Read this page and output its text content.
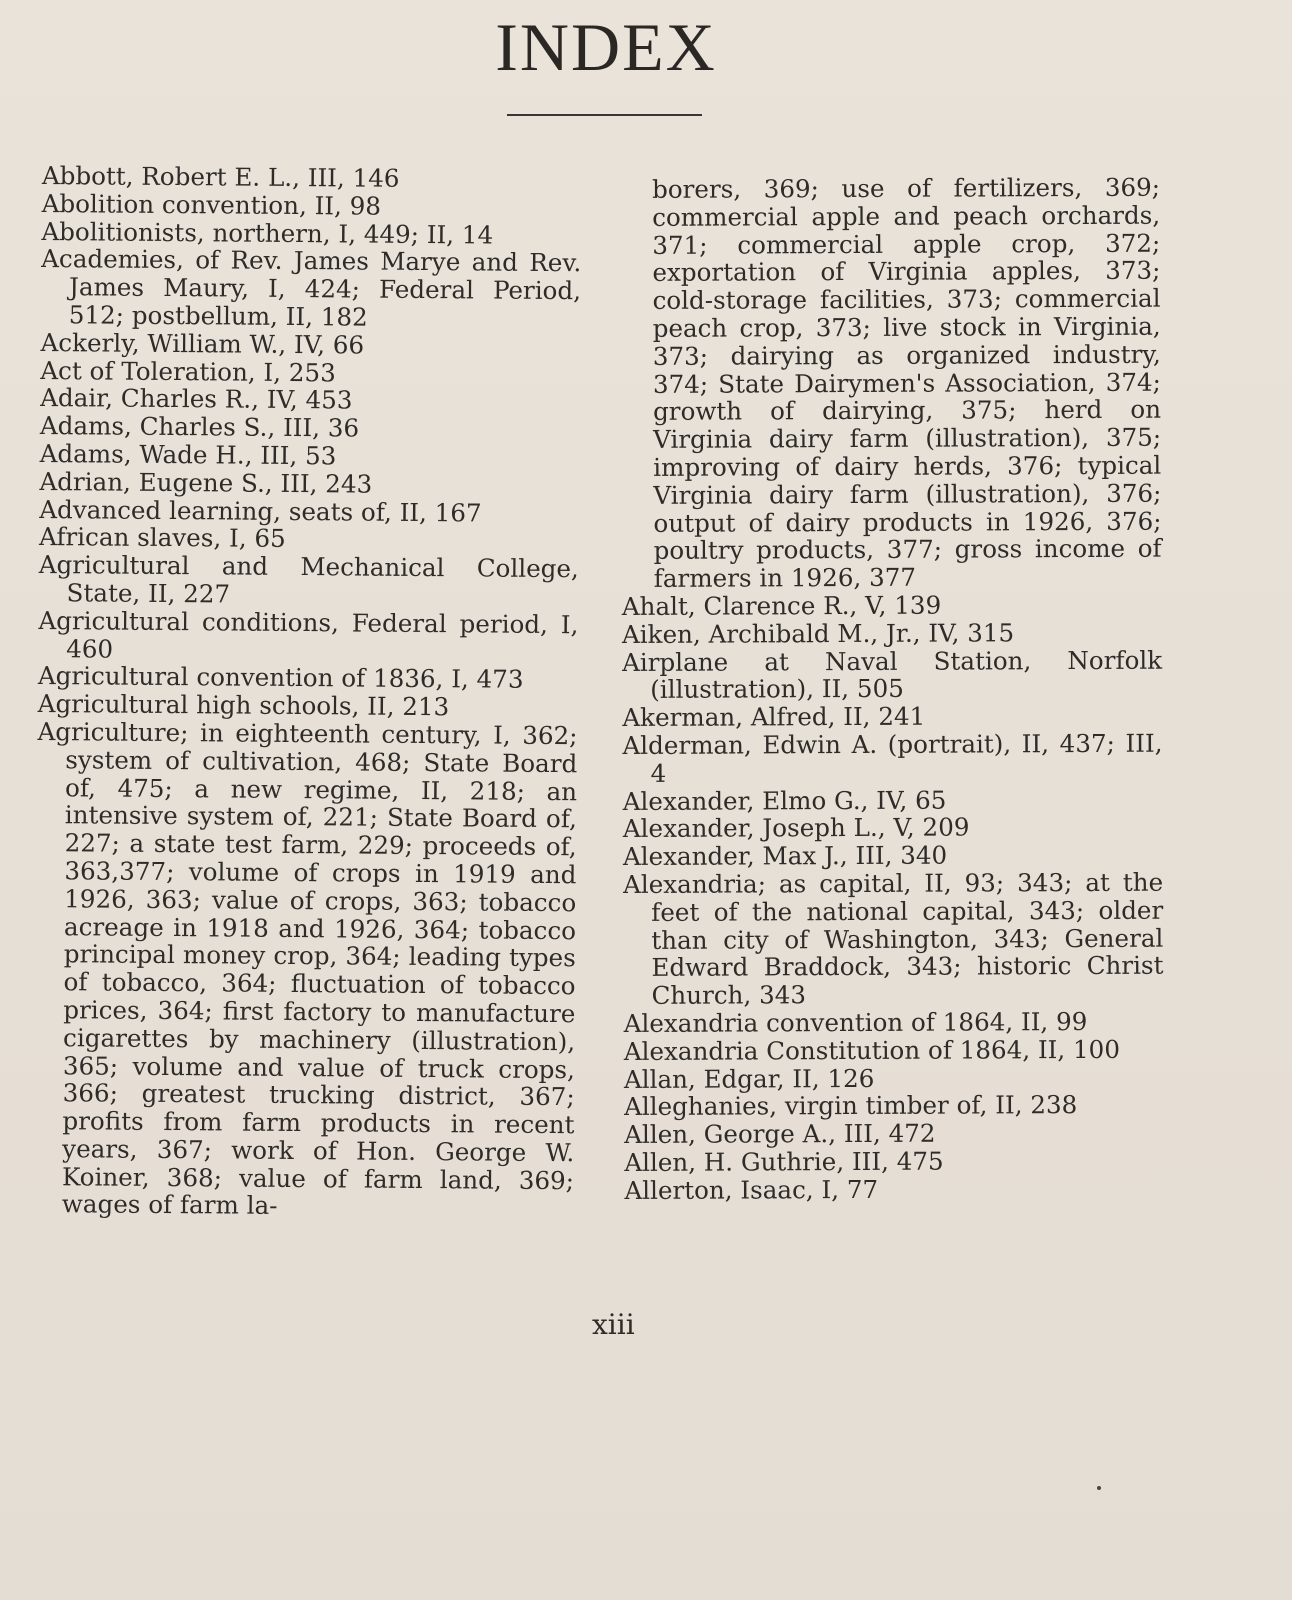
INDEX
Abbott, Robert E. L., III, 146
Abolition convention, II, 98
Abolitionists, northern, I, 449; II, 14
Academies, of Rev. James Marye and Rev. James Maury, I, 424; Federal Period, 512; postbellum, II, 182
Ackerly, William W., IV, 66
Act of Toleration, I, 253
Adair, Charles R., IV, 453
Adams, Charles S., III, 36
Adams, Wade H., III, 53
Adrian, Eugene S., III, 243
Advanced learning, seats of, II, 167
African slaves, I, 65
Agricultural and Mechanical College, State, II, 227
Agricultural conditions, Federal period, I, 460
Agricultural convention of 1836, I, 473
Agricultural high schools, II, 213
Agriculture; in eighteenth century, I, 362; system of cultivation, 468; State Board of, 475; a new regime, II, 218; an intensive system of, 221; State Board of, 227; a state test farm, 229; proceeds of, 363,377; volume of crops in 1919 and 1926, 363; value of crops, 363; tobacco acreage in 1918 and 1926, 364; tobacco principal money crop, 364; leading types of tobacco, 364; fluctuation of tobacco prices, 364; first factory to manufacture cigarettes by machinery (illustration), 365; volume and value of truck crops, 366; greatest trucking district, 367; profits from farm products in recent years, 367; work of Hon. George W. Koiner, 368; value of farm land, 369; wages of farm la-
borers, 369; use of fertilizers, 369; commercial apple and peach orchards, 371; commercial apple crop, 372; exportation of Virginia apples, 373; cold-storage facilities, 373; commercial peach crop, 373; live stock in Virginia, 373; dairying as organized industry, 374; State Dairymen's Association, 374; growth of dairying, 375; herd on Virginia dairy farm (illustration), 375; improving of dairy herds, 376; typical Virginia dairy farm (illustration), 376; output of dairy products in 1926, 376; poultry products, 377; gross income of farmers in 1926, 377
Ahalt, Clarence R., V, 139
Aiken, Archibald M., Jr., IV, 315
Airplane at Naval Station, Norfolk (illustration), II, 505
Akerman, Alfred, II, 241
Alderman, Edwin A. (portrait), II, 437; III, 4
Alexander, Elmo G., IV, 65
Alexander, Joseph L., V, 209
Alexander, Max J., III, 340
Alexandria; as capital, II, 93; 343; at the feet of the national capital, 343; older than city of Washington, 343; General Edward Braddock, 343; historic Christ Church, 343
Alexandria convention of 1864, II, 99
Alexandria Constitution of 1864, II, 100
Allan, Edgar, II, 126
Alleghanies, virgin timber of, II, 238
Allen, George A., III, 472
Allen, H. Guthrie, III, 475
Allerton, Isaac, I, 77
xiii
